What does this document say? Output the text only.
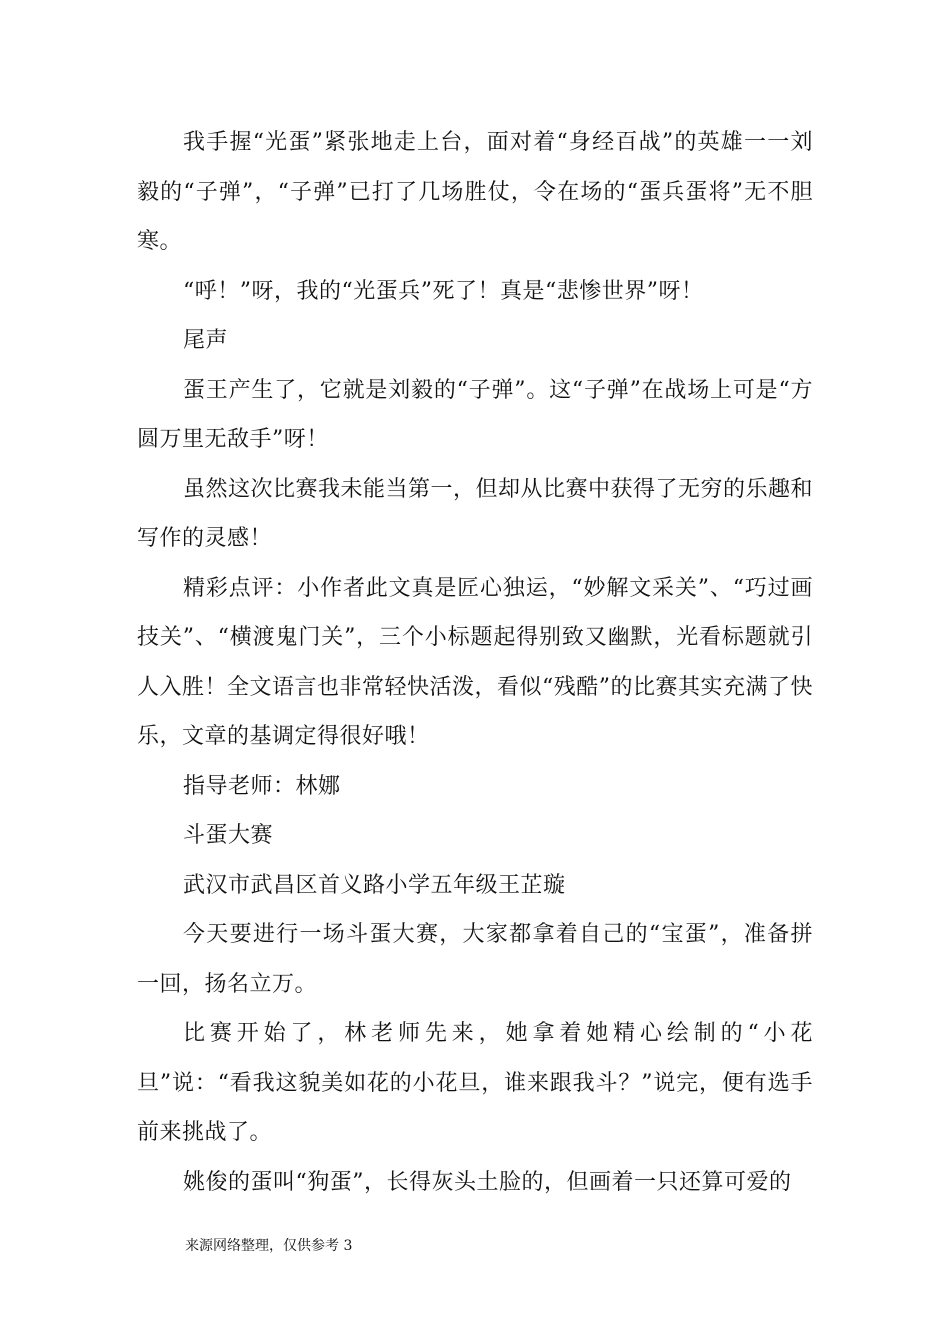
我手握“光蛋”紧张地走上台，面对着“身经百战”的英雄一一刘毅的“子弹”，“子弹”已打了几场胜仗，令在场的“蛋兵蛋将”无不胆寒。

“呼！”呀，我的“光蛋兵”死了！真是“悲惨世界”呀！

尾声

蛋王产生了，它就是刘毅的“子弹”。这“子弹”在战场上可是“方圆万里无敌手”呀！

虽然这次比赛我未能当第一，但却从比赛中获得了无穷的乐趣和写作的灵感！

精彩点评：小作者此文真是匠心独运，“妙解文采关”、“巧过画技关”、“横渡鬼门关”，三个小标题起得别致又幽默，光看标题就引人入胜！全文语言也非常轻快活泼，看似“残酷”的比赛其实充满了快乐，文章的基调定得很好哦！

指导老师：林娜

斗蛋大赛

武汉市武昌区首义路小学五年级王芷璇

今天要进行一场斗蛋大赛，大家都拿着自己的“宝蛋”，准备拼一回，扬名立万。

比赛开始了，林老师先来，她拿着她精心绘制的“小花旦”说：“看我这貌美如花的小花旦，谁来跟我斗？”说完，便有选手前来挑战了。

姚俊的蛋叫“狗蛋”，长得灰头土脸的，但画着一只还算可爱的

来源网络整理，仅供参考 3
